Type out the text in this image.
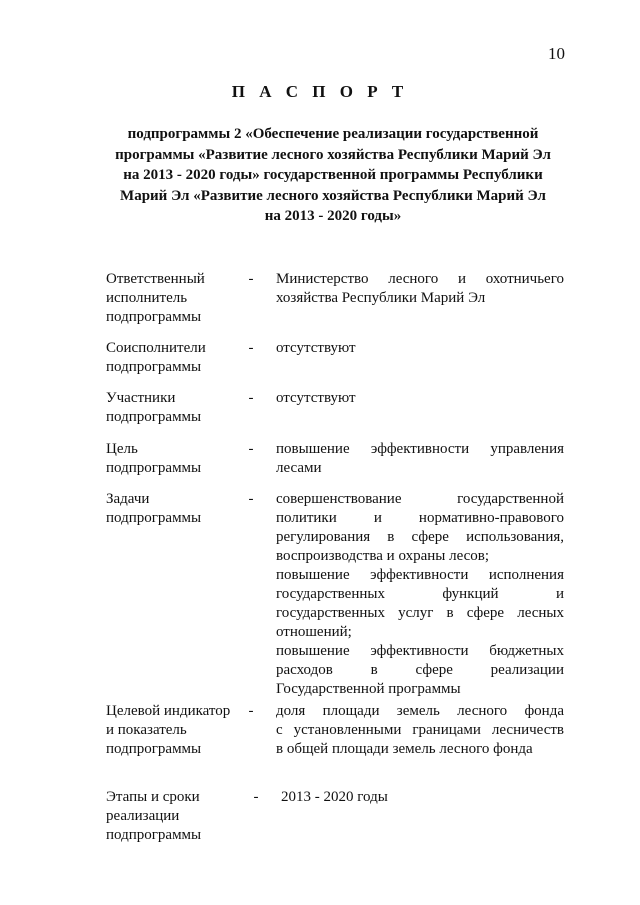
10
П А С П О Р Т
подпрограммы 2 «Обеспечение реализации государственной
программы «Развитие лесного хозяйства Республики Марий Эл
на 2013 - 2020 годы» государственной программы Республики
Марий Эл «Развитие лесного хозяйства Республики Марий Эл
на 2013 - 2020 годы»
Ответственный
исполнитель
подпрограммы
- Министерство лесного и охотничьего
хозяйства Республики Марий Эл
Соисполнители
подпрограммы
- отсутствуют
Участники
подпрограммы
- отсутствуют
Цель
подпрограммы
- повышение эффективности управления
лесами
Задачи
подпрограммы
- совершенствование государственной
политики и нормативно-правового
регулирования в сфере использования,
воспроизводства и охраны лесов;
повышение эффективности исполнения
государственных функций и
государственных услуг в сфере лесных
отношений;
повышение эффективности бюджетных
расходов в сфере реализации
Государственной программы
Целевой индикатор
и показатель
подпрограммы
- доля площади земель лесного фонда
с установленными границами лесничеств
в общей площади земель лесного фонда
Этапы и сроки
реализации
подпрограммы
- 2013 - 2020 годы
